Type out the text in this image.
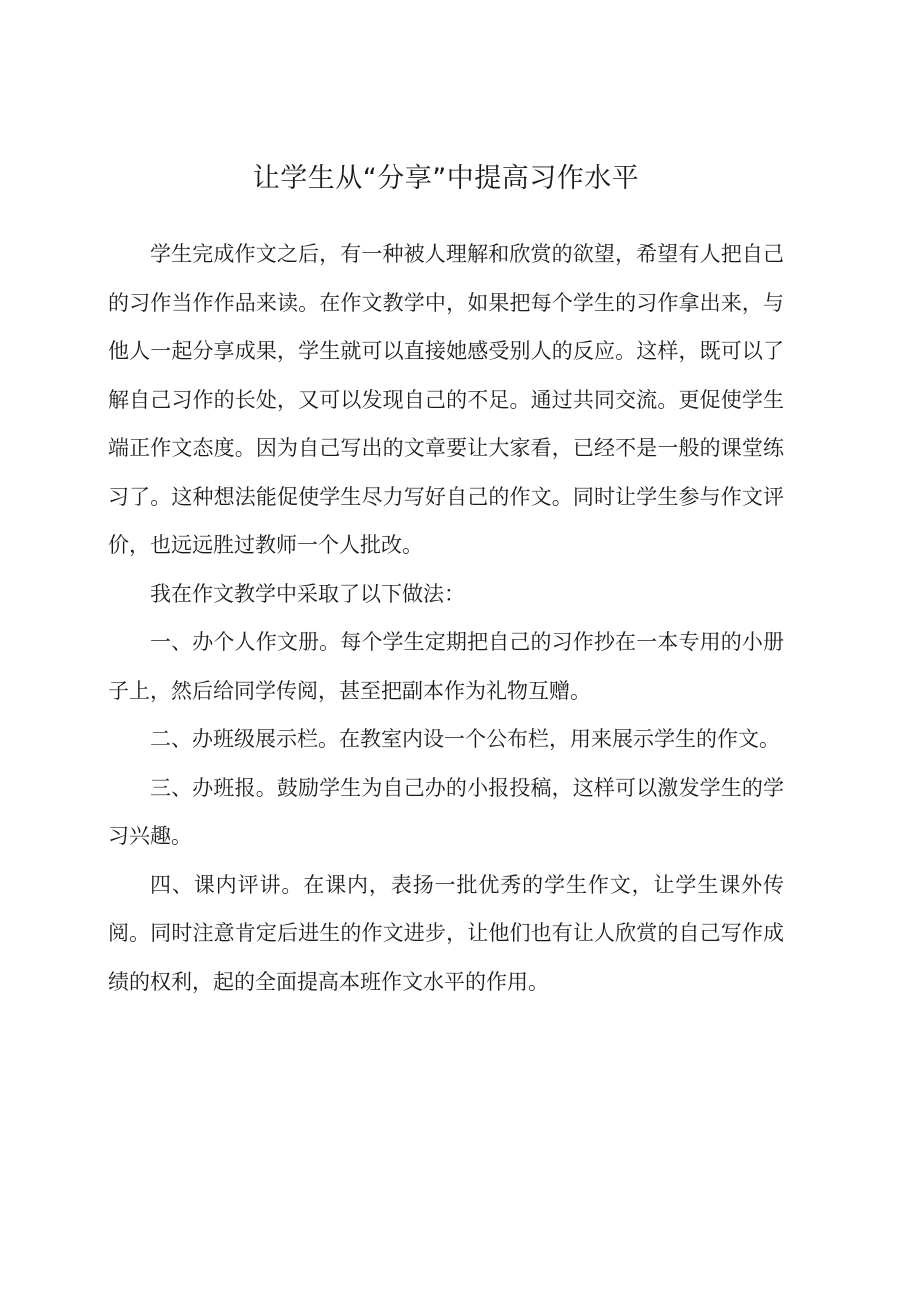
让学生从“分享”中提高习作水平

学生完成作文之后，有一种被人理解和欣赏的欲望，希望有人把自己的习作当作作品来读。在作文教学中，如果把每个学生的习作拿出来，与他人一起分享成果，学生就可以直接她感受别人的反应。这样，既可以了解自己习作的长处，又可以发现自己的不足。通过共同交流。更促使学生端正作文态度。因为自己写出的文章要让大家看，已经不是一般的课堂练习了。这种想法能促使学生尽力写好自己的作文。同时让学生参与作文评价，也远远胜过教师一个人批改。

我在作文教学中采取了以下做法：

一、办个人作文册。每个学生定期把自己的习作抄在一本专用的小册子上，然后给同学传阅，甚至把副本作为礼物互赠。

二、办班级展示栏。在教室内设一个公布栏，用来展示学生的作文。

三、办班报。鼓励学生为自己办的小报投稿，这样可以激发学生的学习兴趣。

四、课内评讲。在课内，表扬一批优秀的学生作文，让学生课外传阅。同时注意肯定后进生的作文进步，让他们也有让人欣赏的自己写作成绩的权利，起的全面提高本班作文水平的作用。
